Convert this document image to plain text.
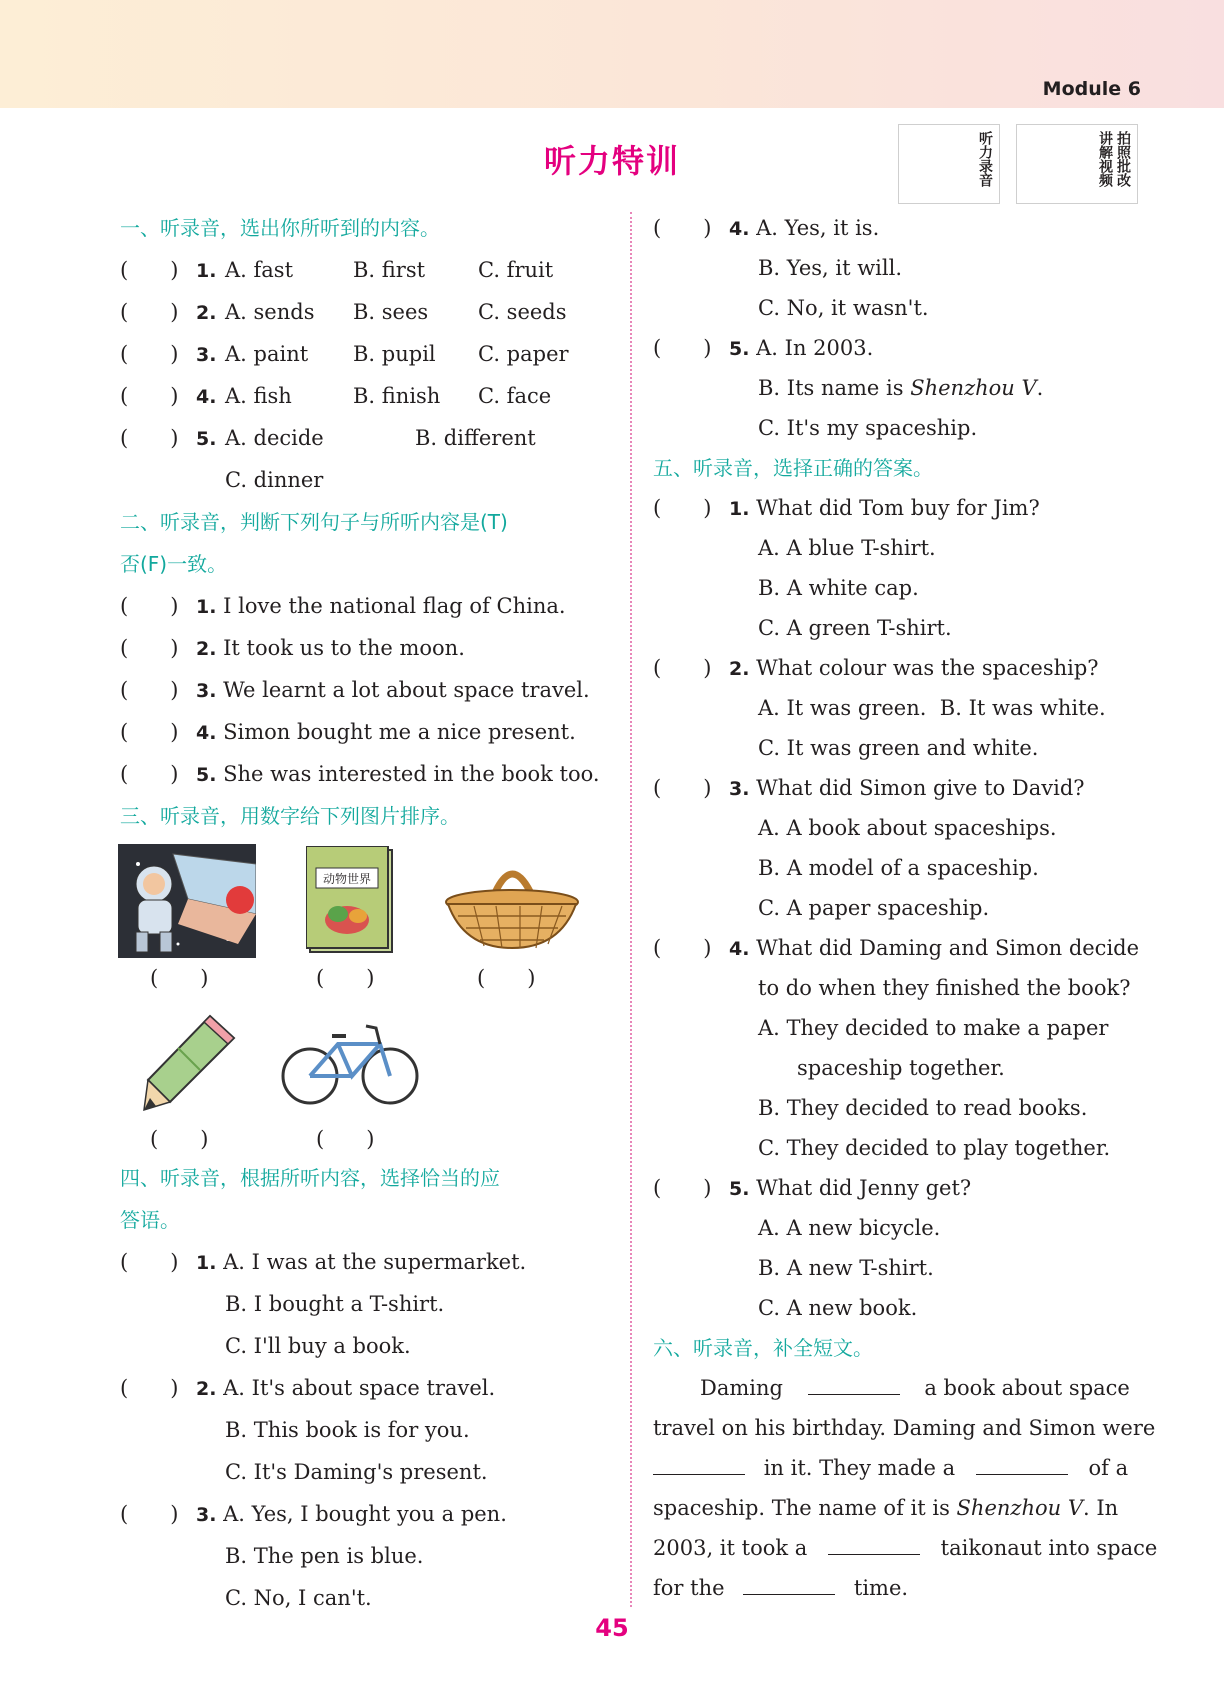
Module 6
听力特训	听力录音	拍照批改
讲解视频
一、听录音，选出你所听到的内容。
(　　) 1. A. fast	B. first	C. fruit
(　　) 2. A. sends B. sees C. seeds
(　　) 3. A. paint B. pupil C. paper
(　　) 4. A. fish	B. finish C. face
(　　) 5. A. decide	B. different
C. dinner
二、听录音，判断下列句子与所听内容是(T)
否(F)一致。
(　　) 1. I love the national flag of China.
(　　) 2. It took us to the moon.
(　　) 3. We learnt a lot about space travel.
(　　) 4. Simon bought me a nice present.
(　　) 5. She was interested in the book too.
三、听录音，用数字给下列图片排序。
(　　)
动物世界
(　　)	(　　)
(　　)	(　　)
四、听录音，根据所听内容，选择恰当的应
答语。
(　　) 1. A. I was at the supermarket.
B. I bought a T-shirt.
C. I'll buy a book.
(　　) 2. A. It's about space travel.
B. This book is for you.
C. It's Daming's present.
(　　) 3. A. Yes, I bought you a pen.
B. The pen is blue.
C. No, I can't.
(　　) 4. A. Yes, it is.
B. Yes, it will.
C. No, it wasn't.
(　　) 5. A. In 2003.
B. Its name is Shenzhou Ⅴ.
C. It's my spaceship.
五、听录音，选择正确的答案。
(　　) 1. What did Tom buy for Jim?
A. A blue T-shirt.
B. A white cap.
C. A green T-shirt.
(　　) 2. What colour was the spaceship?
A. It was green. B. It was white.
C. It was green and white.
(　　) 3. What did Simon give to David?
A. A book about spaceships.
B. A model of a spaceship.
C. A paper spaceship.
(　　) 4. What did Daming and Simon decide
to do when they finished the book?
A. They decided to make a paper
spaceship together.
B. They decided to read books.
C. They decided to play together.
(　　) 5. What did Jenny get?
A. A new bicycle.
B. A new T-shirt.
C. A new book.
六、听录音，补全短文。
Daming	a book about space
travel on his birthday. Daming and Simon were
in it. They made a	of a
spaceship. The name of it is Shenzhou Ⅴ. In
2003, it took a	taikonaut into space
for the	time.
45
